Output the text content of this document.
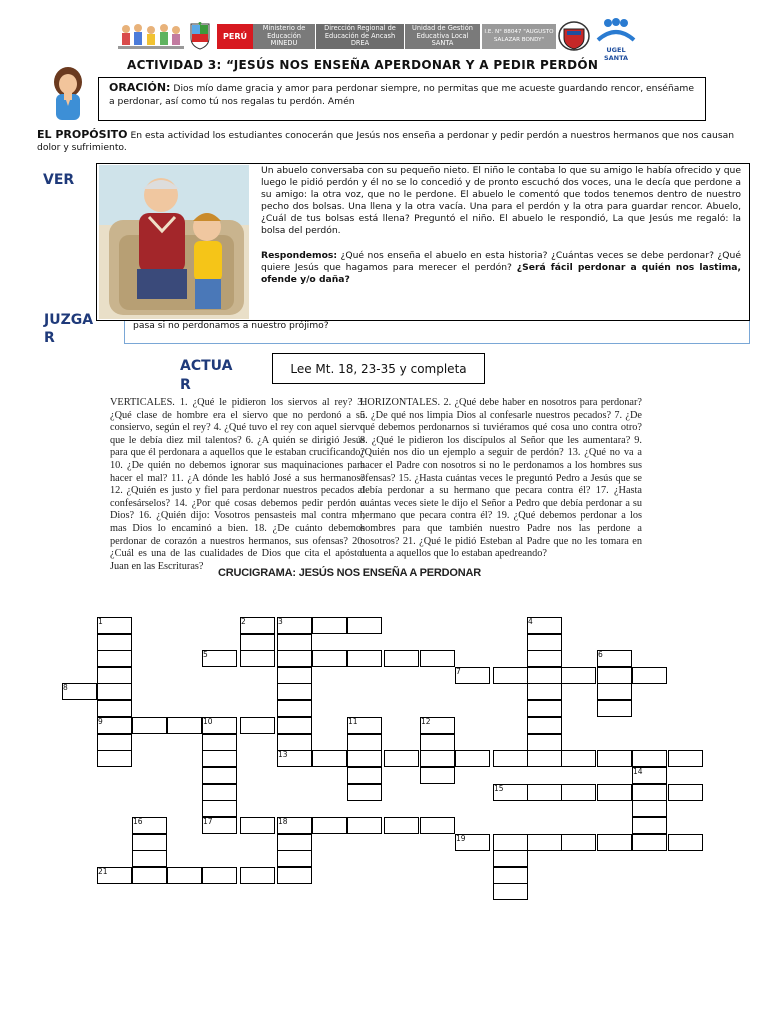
PERÚ
Ministerio de Educación MINEDU
Dirección Regional de Educación de Ancash DREA
Unidad de Gestión Educativa Local SANTA
I.E. N° 88047 "AUGUSTO SALAZAR BONDY"
UGEL SANTA
ACTIVIDAD 3: “JESÚS NOS ENSEÑA APERDONAR Y A PEDIR PERDÓN
ORACIÓN: Dios mío dame gracia y amor para perdonar siempre, no permitas que me acueste guardando rencor, enséñame a perdonar, así como tú nos regalas tu perdón. Amén
EL PROPÓSITO En esta actividad los estudiantes conocerán que Jesús nos enseña a perdonar y pedir perdón a nuestros hermanos que nos causan dolor y sufrimiento.
VER
JUZGA R
ACTUA R
pasa si no perdonamos a nuestro prójimo?
Un abuelo conversaba con su pequeño nieto. El niño le contaba lo que su amigo le había ofrecido y que luego le pidió perdón y él no se lo concedió y de pronto escuchó dos voces, una le decía que perdone a su amigo: la otra voz, que no le perdone. El abuelo le comentó que todos tenemos dentro de nuestro pecho dos bolsas. Una llena y la otra vacía. Una para el perdón y la otra para guardar rencor. Abuelo, ¿Cuál de tus bolsas está llena? Preguntó el niño. El abuelo le respondió, La que Jesús me regaló: la bolsa del perdón.
Respondemos: ¿Qué nos enseña el abuelo en esta historia? ¿Cuántas veces se debe perdonar? ¿Qué quiere Jesús que hagamos para merecer el perdón? ¿Será fácil perdonar a quién nos lastima, ofende y/o daña?
Lee Mt. 18, 23-35 y completa
VERTICALES. 1. ¿Qué le pidieron los siervos al rey? 3. ¿Qué clase de hombre era el siervo que no perdonó a su consiervo, según el rey? 4. ¿Qué tuvo el rey con aquel siervo que le debía diez mil talentos? 6. ¿A quién se dirigió Jesús para que él perdonara a aquellos que le estaban crucificando? 10. ¿De quién no debemos ignorar sus maquinaciones para hacer el mal? 11. ¿A dónde les habló José a sus hermanos? 12. ¿Quién es justo y fiel para perdonar nuestros pecados al confesárselos? 14. ¿Por qué cosas debemos pedir perdón a Dios? 16. ¿Quién dijo: Vosotros pensasteis mal contra mí, mas Dios lo encaminó a bien. 18. ¿De cuánto debemos perdonar de corazón a nuestros hermanos, sus ofensas? 20. ¿Cuál es una de las cualidades de Dios que cita el apóstol Juan en las Escrituras?
HORIZONTALES. 2. ¿Qué debe haber en nosotros para perdonar? 5. ¿De qué nos limpia Dios al confesarle nuestros pecados? 7. ¿De qué debemos perdonarnos si tuviéramos qué cosa uno contra otro? 8. ¿Qué le pidieron los discípulos al Señor que les aumentara? 9. ¿Quién nos dio un ejemplo a seguir de perdón? 13. ¿Qué no va a hacer el Padre con nosotros si no le perdonamos a los hombres sus ofensas? 15. ¿Hasta cuántas veces le preguntó Pedro a Jesús que se debía perdonar a su hermano que pecara contra él? 17. ¿Hasta cuántas veces siete le dijo el Señor a Pedro que debía perdonar a su hermano que pecara contra él? 19. ¿Qué debemos perdonar a los hombres para que también nuestro Padre nos las perdone a nosotros? 21. ¿Qué le pidió Esteban al Padre que no les tomara en cuenta a aquellos que lo estaban apedreando?
1	2	3	4
5	6
7
8
9	10	11	12
13
14
15
16	17	18
19
21
CRUCIGRAMA: JESÚS NOS ENSEÑA A PERDONAR
